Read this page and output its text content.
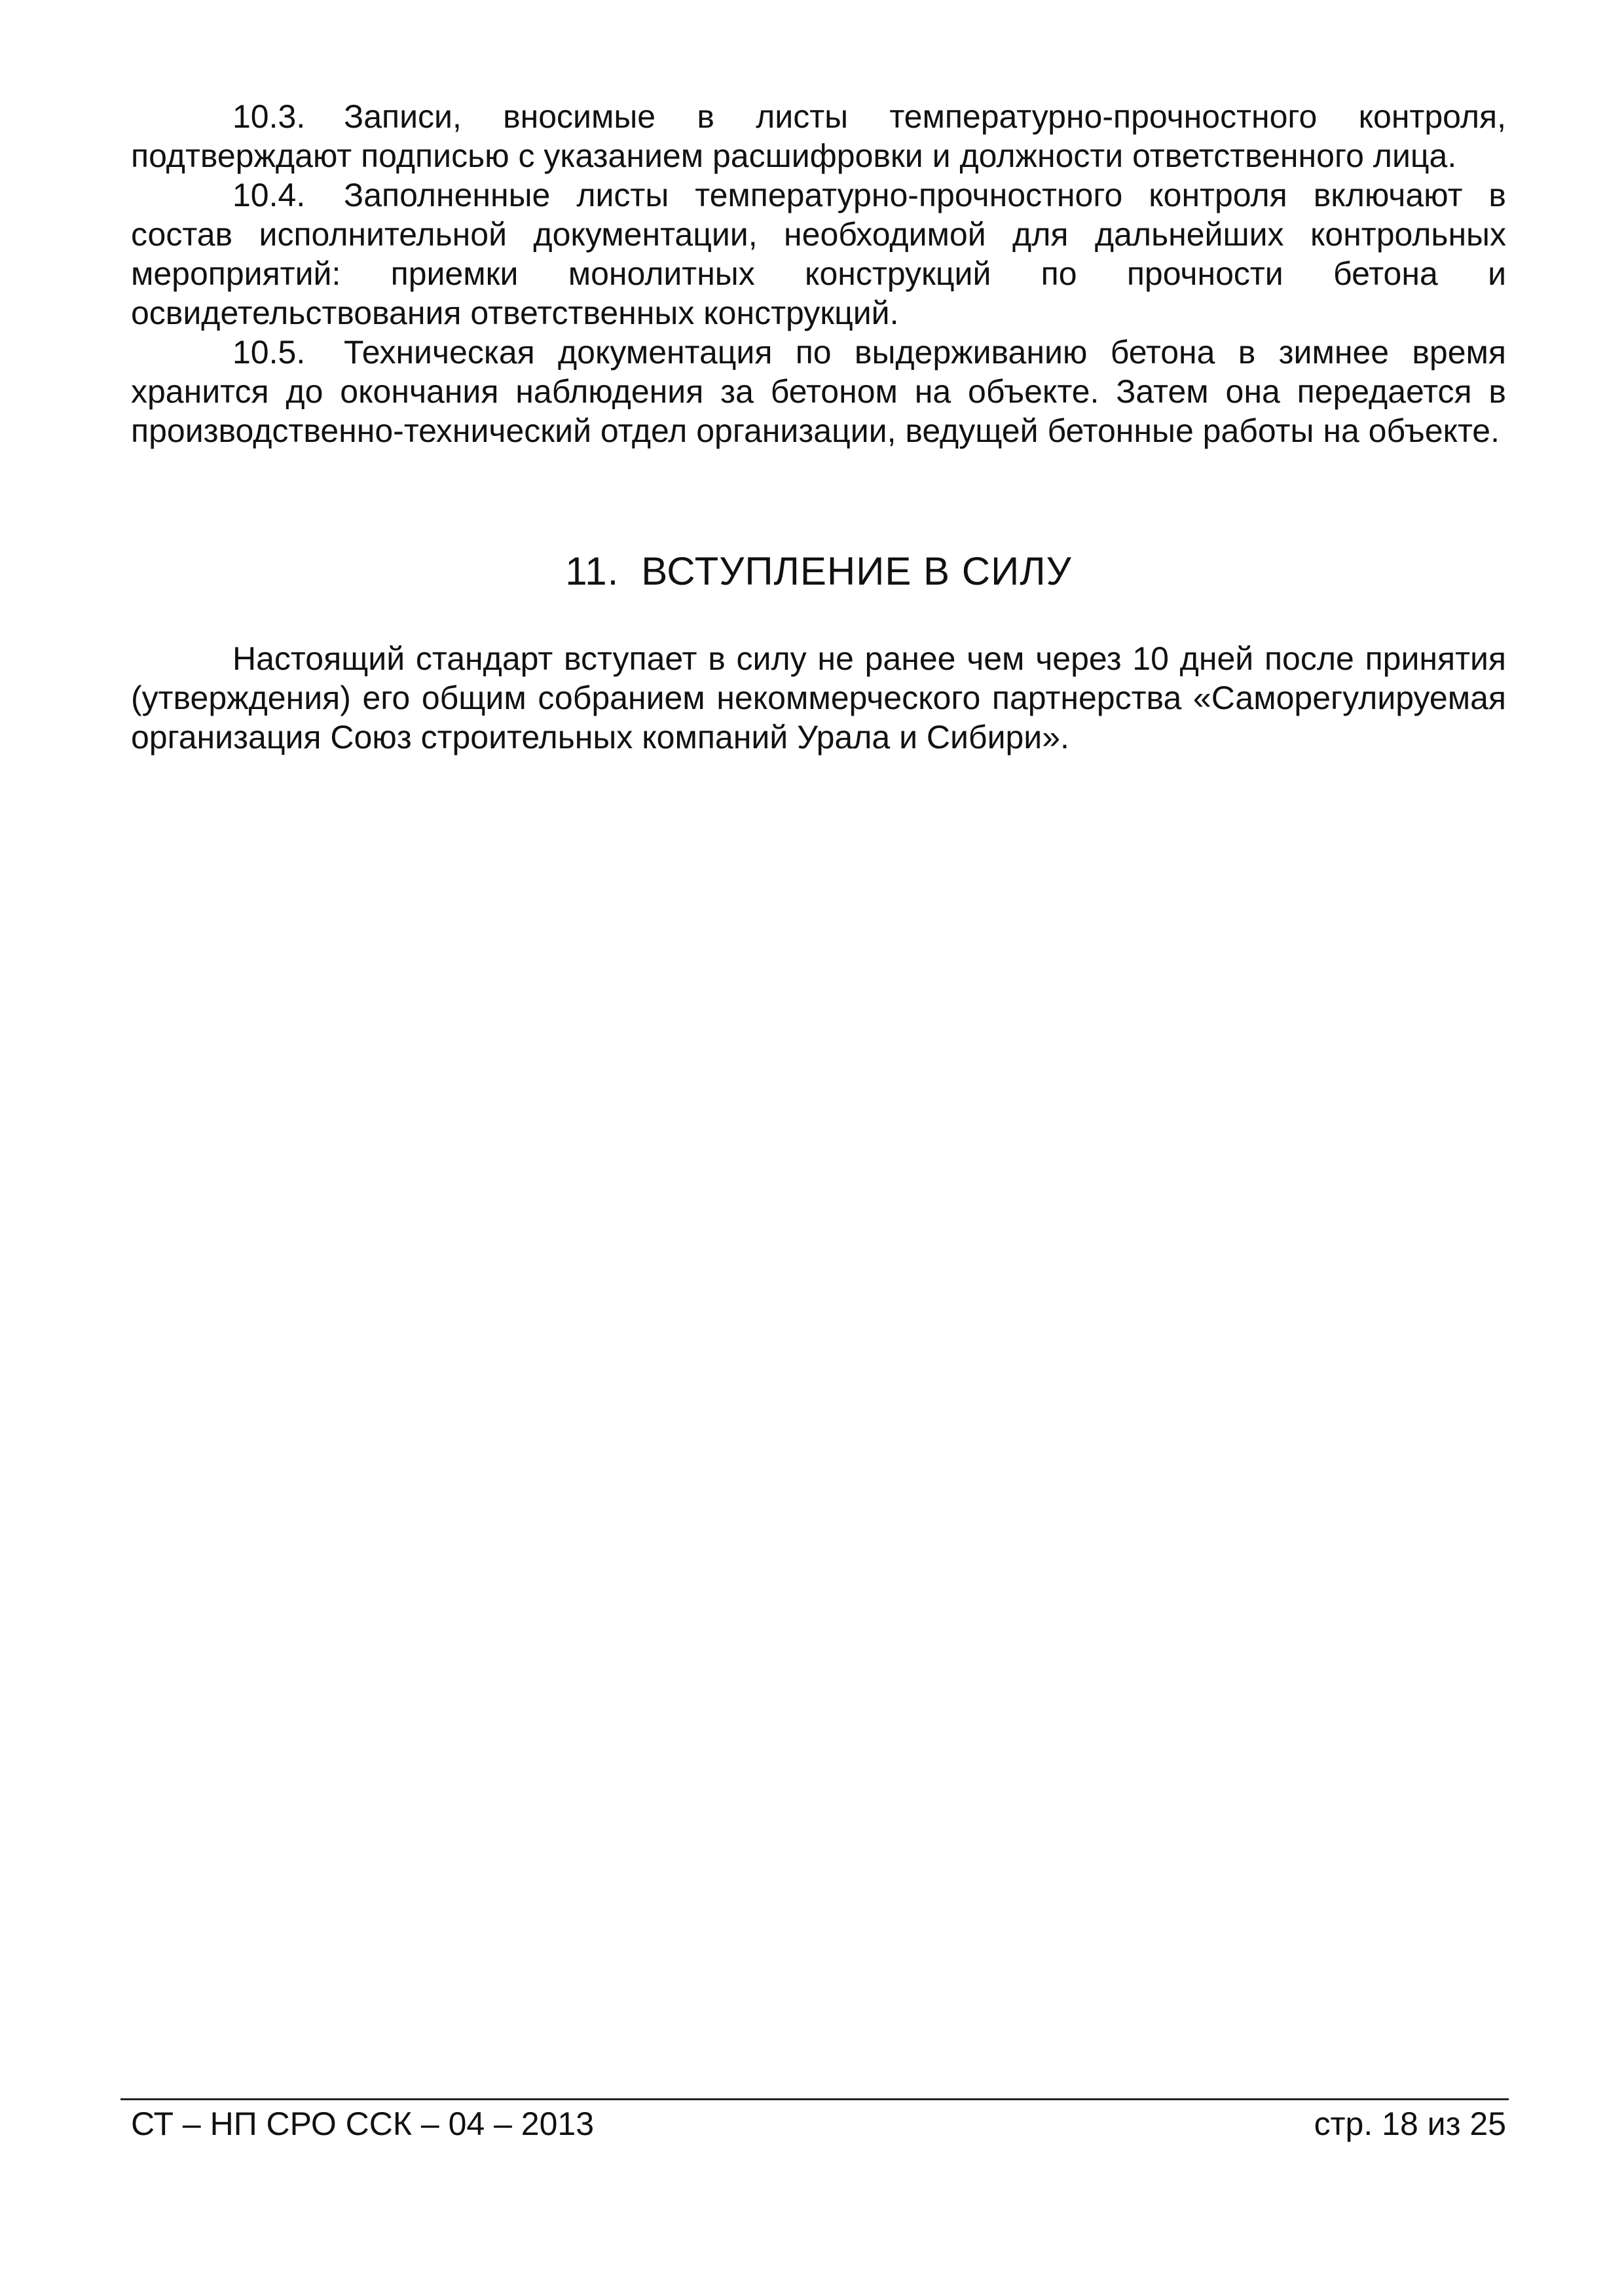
10.3. Записи, вносимые в листы температурно-прочностного контроля, подтверждают подписью с указанием расшифровки и должности ответственного лица.

10.4. Заполненные листы температурно-прочностного контроля включают в состав исполнительной документации, необходимой для дальнейших контрольных мероприятий: приемки монолитных конструкций по прочности бетона и освидетельствования ответственных конструкций.

10.5. Техническая документация по выдерживанию бетона в зимнее время хранится до окончания наблюдения за бетоном на объекте. Затем она передается в производственно-технический отдел организации, ведущей бетонные работы на объекте.

11. ВСТУПЛЕНИЕ В СИЛУ

Настоящий стандарт вступает в силу не ранее чем через 10 дней после принятия (утверждения) его общим собранием некоммерческого партнерства «Саморегулируемая организация Союз строительных компаний Урала и Сибири».

СТ – НП СРО ССК – 04 – 2013	стр. 18 из 25
